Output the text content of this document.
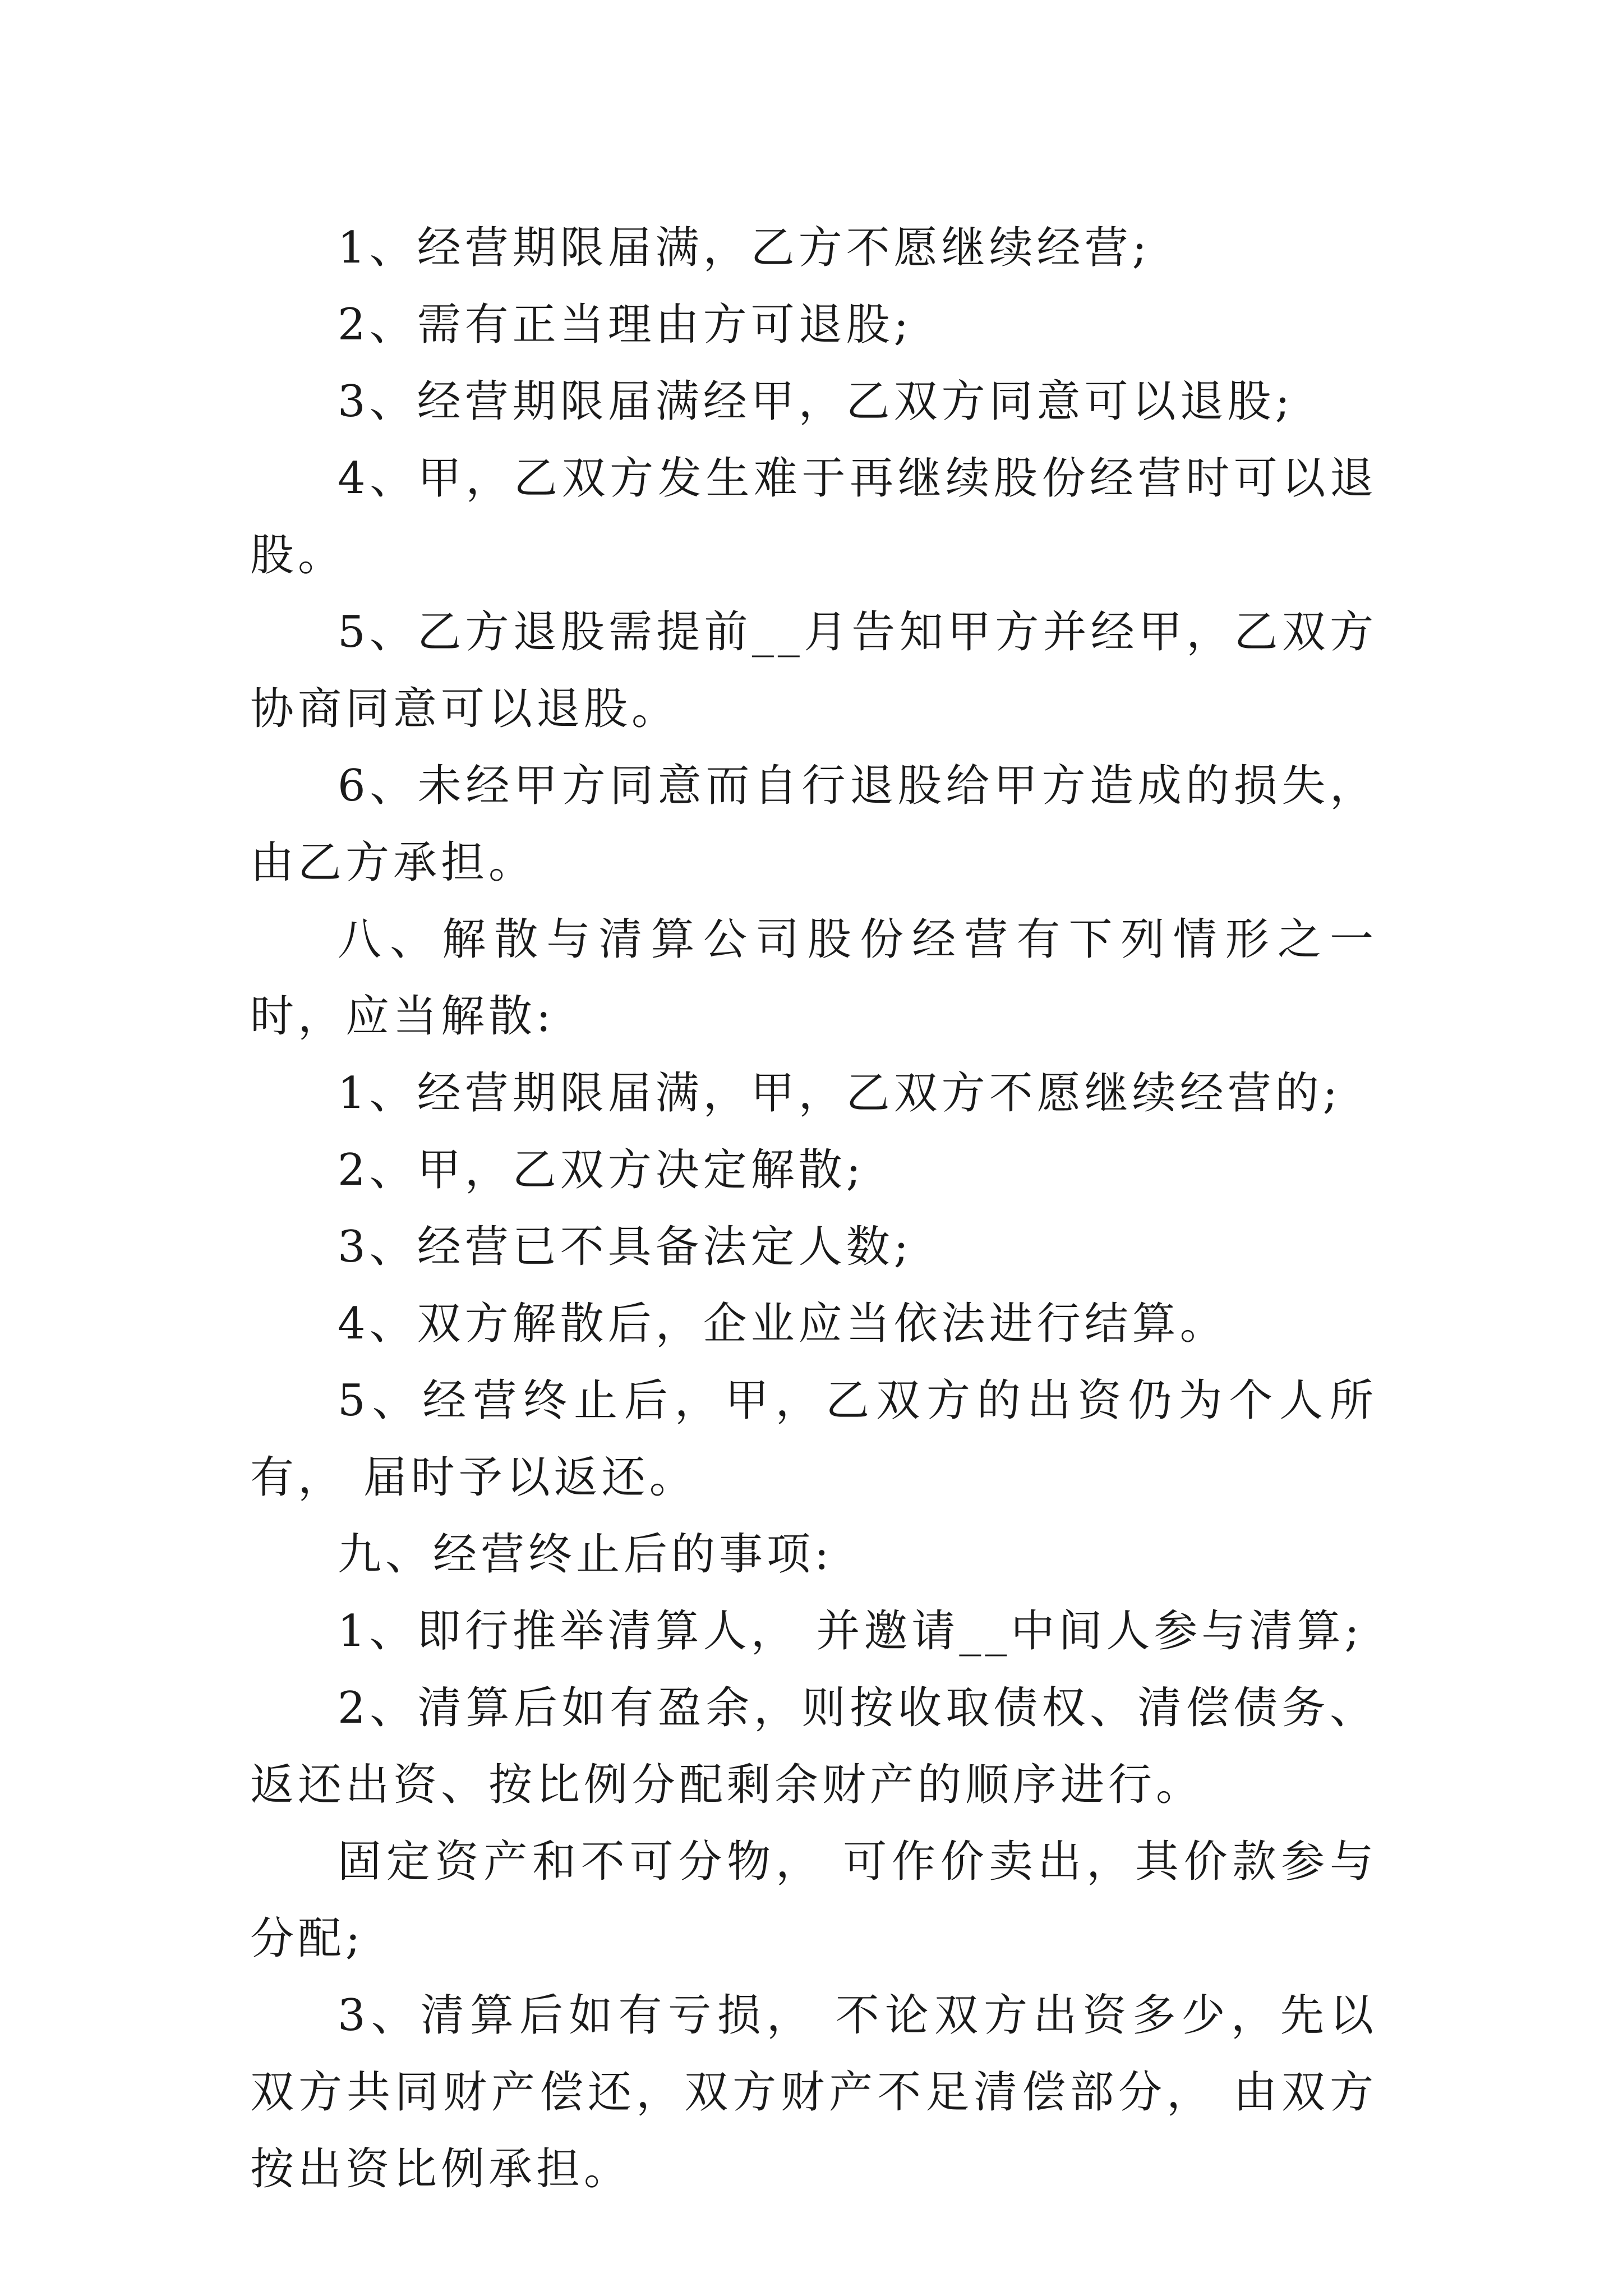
1、经营期限届满，乙方不愿继续经营;

2、需有正当理由方可退股;

3、经营期限届满经甲，乙双方同意可以退股;

4、甲，乙双方发生难于再继续股份经营时可以退股。

5、乙方退股需提前__月告知甲方并经甲，乙双方协商同意可以退股。

6、未经甲方同意而自行退股给甲方造成的损失，由乙方承担。

八、解散与清算公司股份经营有下列情形之一时，应当解散:

1、经营期限届满，甲，乙双方不愿继续经营的;

2、甲，乙双方决定解散;

3、经营已不具备法定人数;

4、双方解散后，企业应当依法进行结算。

5、经营终止后，甲，乙双方的出资仍为个人所有， 届时予以返还。

九、经营终止后的事项:

1、即行推举清算人， 并邀请__中间人参与清算;

2、清算后如有盈余，则按收取债权、清偿债务、 返还出资、按比例分配剩余财产的顺序进行。

固定资产和不可分物， 可作价卖出，其价款参与分配;

3、清算后如有亏损， 不论双方出资多少，先以双方共同财产偿还，双方财产不足清偿部分， 由双方按出资比例承担。
